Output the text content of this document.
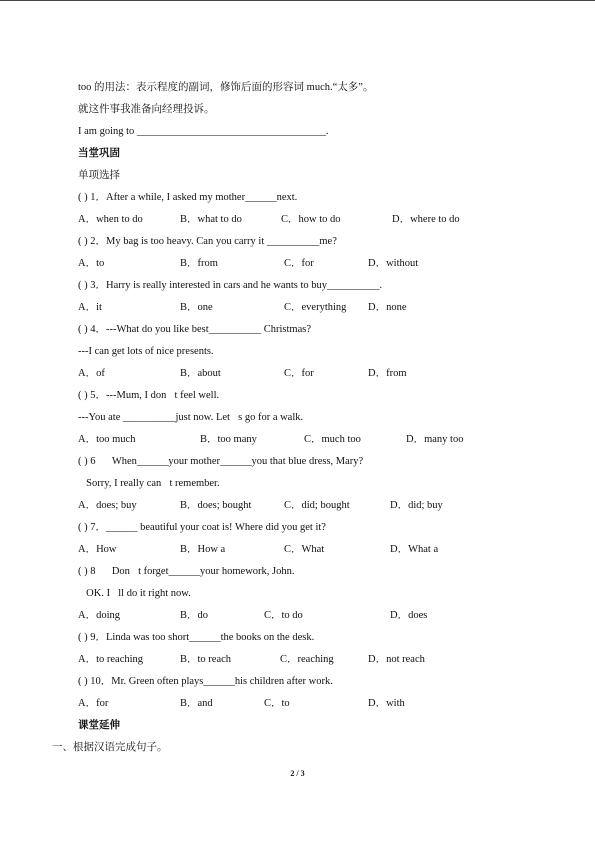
too 的用法：表示程度的副词，修饰后面的形容词 much.“太多”。
就这件事我准备向经理投诉。
I am going to ____________________________________.
当堂巩固
单项选择
( ) 1．After a while, I asked my mother______next.
A．when to do	B．what to do	C．how to do	D．where to do
( ) 2．My bag is too heavy. Can you carry it __________me?
A．to	B．from	C．for	D．without
( ) 3．Harry is really interested in cars and he wants to buy__________.
A．it	B．one	C．everything D．none
( ) 4．---What do you like best__________ Christmas?
---I can get lots of nice presents.
A．of	B．about	C．for	D．from
( ) 5．---Mum, I don t feel well.
---You ate __________just now. Let s go for a walk.
A．too much	B．too many	C．much too	D．many too
( ) 6． When______your mother______you that blue dress, Mary?
Sorry, I really can t remember.
A．does; buy	B．does; bought	C．did; bought	D．did; buy
( ) 7．______ beautiful your coat is! Where did you get it?
A．How	B．How a	C．What	D．What a
( ) 8． Don t forget______your homework, John.
OK. I ll do it right now.
A．doing	B．do	C．to do	D．does
( ) 9．Linda was too short______the books on the desk.
A．to reaching	B．to reach	C．reaching	D．not reach
( ) 10．Mr. Green often plays______his children after work.
A．for	B．and	C．to	D．with
课堂延伸
一、根据汉语完成句子。
2 / 3
